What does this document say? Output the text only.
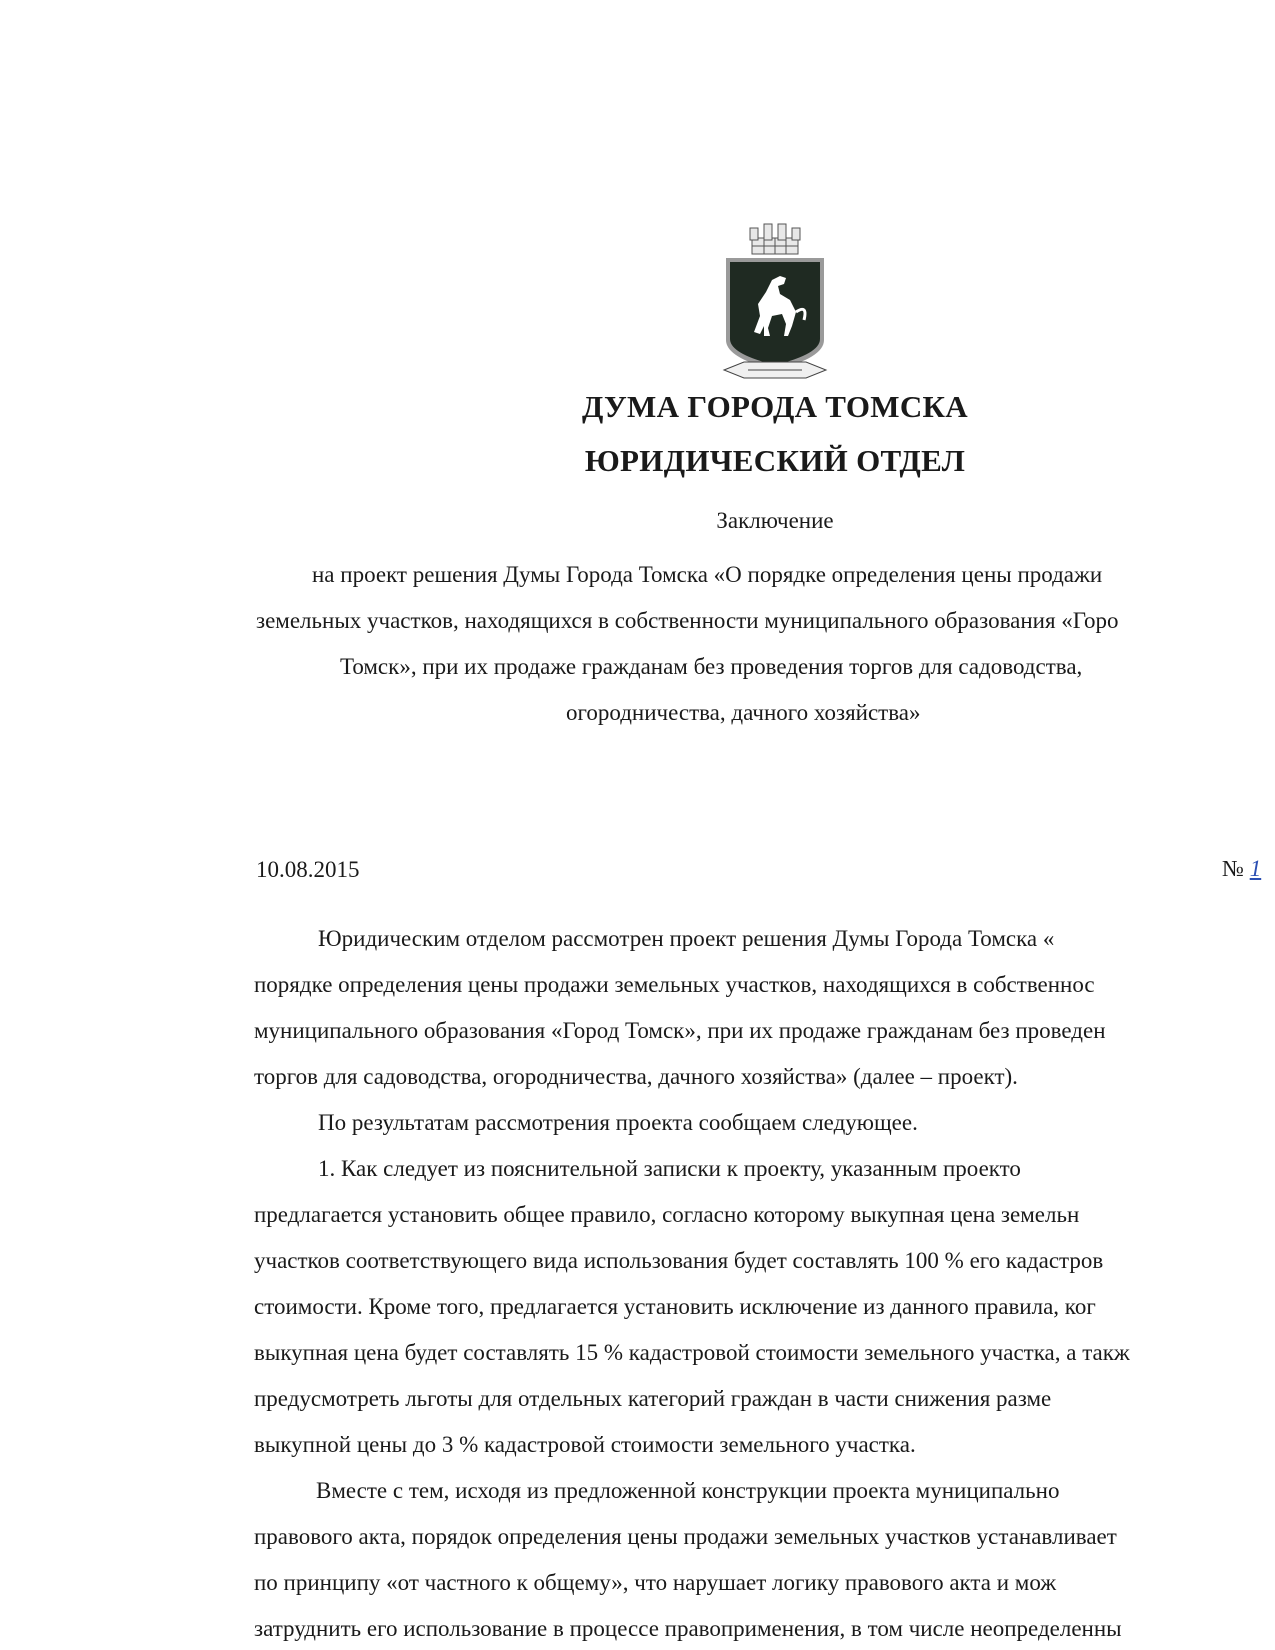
ДУМА ГОРОДА ТОМСКА
ЮРИДИЧЕСКИЙ ОТДЕЛ
Заключение
на проект решения Думы Города Томска «О порядке определения цены продажи
земельных участков, находящихся в собственности муниципального образования «Горо
Томск», при их продаже гражданам без проведения торгов для садоводства,
огородничества, дачного хозяйства»
10.08.2015	№ 1
Юридическим отделом рассмотрен проект решения Думы Города Томска «
порядке определения цены продажи земельных участков, находящихся в собственнос
муниципального образования «Город Томск», при их продаже гражданам без проведен
торгов для садоводства, огородничества, дачного хозяйства» (далее – проект).
По результатам рассмотрения проекта сообщаем следующее.
1. Как следует из пояснительной записки к проекту, указанным проекто
предлагается установить общее правило, согласно которому выкупная цена земельн
участков соответствующего вида использования будет составлять 100 % его кадастров
стоимости. Кроме того, предлагается установить исключение из данного правила, ког
выкупная цена будет составлять 15 % кадастровой стоимости земельного участка, а такж
предусмотреть льготы для отдельных категорий граждан в части снижения разме
выкупной цены до 3 % кадастровой стоимости земельного участка.
Вместе с тем, исходя из предложенной конструкции проекта муниципально
правового акта, порядок определения цены продажи земельных участков устанавливает
по принципу «от частного к общему», что нарушает логику правового акта и мож
затруднить его использование в процессе правоприменения, в том числе неопределенны
